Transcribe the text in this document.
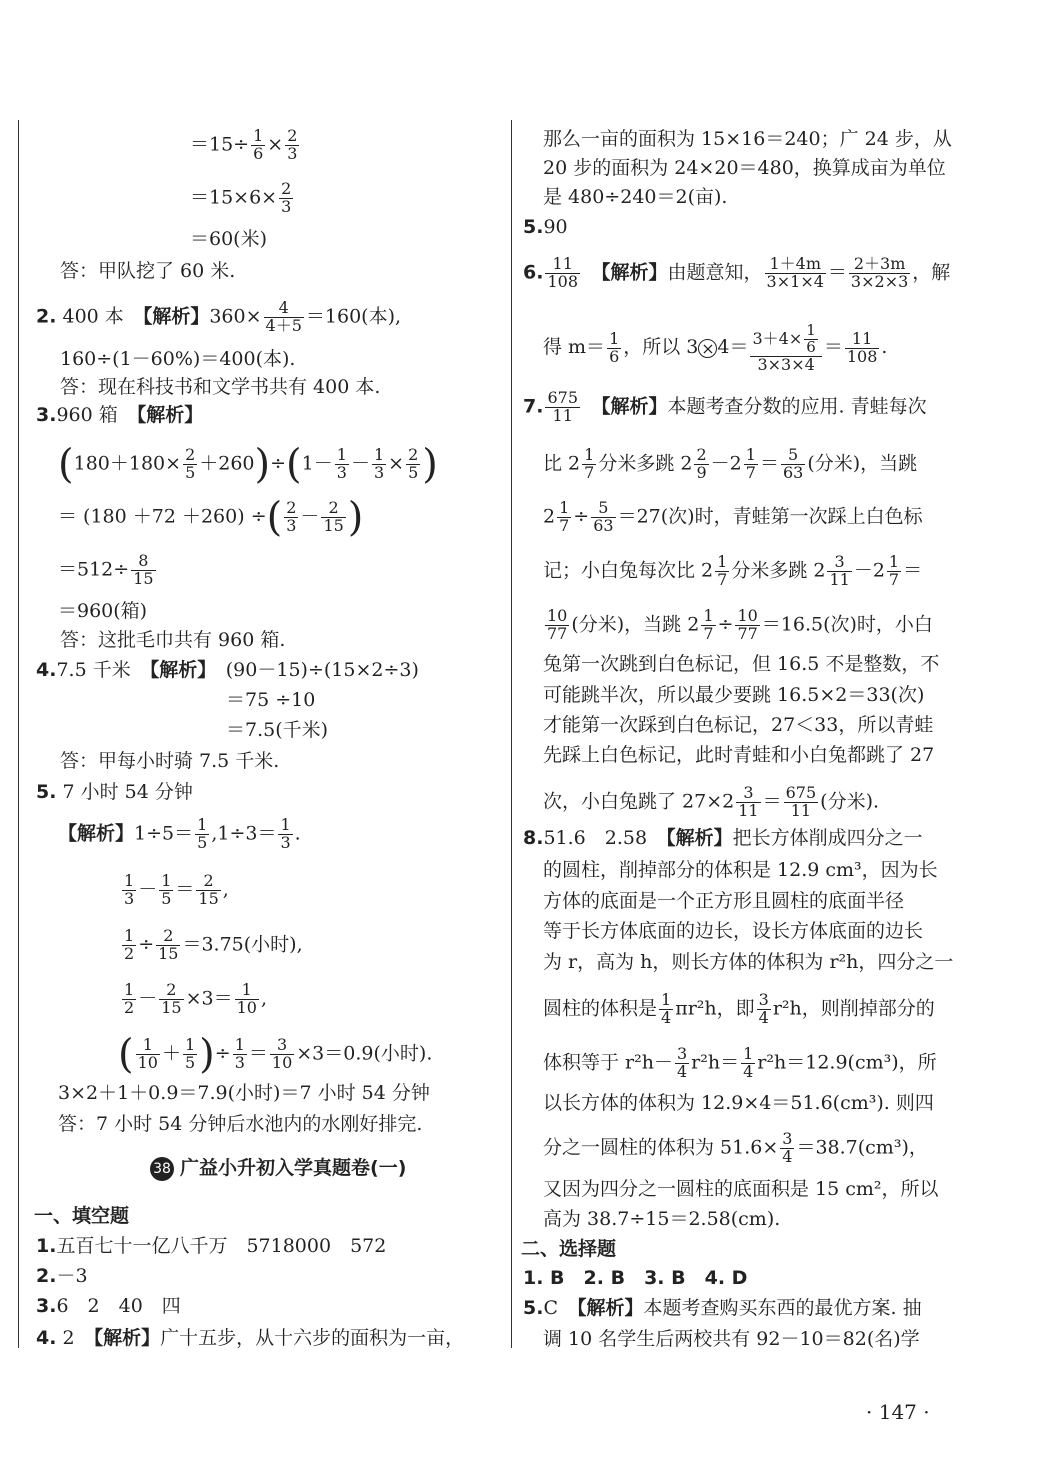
$=15\div \frac{1}{6} \times \frac{2}{3}$
$=15\times 6\times \frac{2}{3}$
＝60(米)
答：甲队挖了 60 米.
2. 400 本　 【解析】$360\times \frac{4}{4+5} =160$(本),
160÷(1－60%)＝400(本).
答：现在科技书和文学书共有 400 本.
3.960 箱　 【解析】
$(180+180\times \frac{2}{5} +260)\div(1- \frac{1}{3} - \frac{1}{3} \times \frac{2}{5}$ )
＝ (180 ＋72 ＋260) ÷( $\frac{2}{3} - \frac{2}{15}$ )
$=512\div \frac{8}{15}$
＝960(箱)
答：这批毛巾共有 960 箱.
4.7.5 千米　 【解析】　 (90－15)÷(15×2÷3)
＝75 ÷10
＝7.5(千米)
答：甲每小时骑 7.5 千米.
5. 7 小时 54 分钟
【解析】$1\div 5= \frac{1}{5} ,1\div 3= \frac{1}{3}$ .
$\frac{1}{3} - \frac{1}{5} = \frac{2}{15}$ ,
$\frac{1}{2} \div \frac{2}{15} =3.75$(小时),
$\frac{1}{2} - \frac{2}{15} \times 3= \frac{1}{10}$ ,
( $\frac{1}{10} + \frac{1}{5}$ )÷ $\frac{1}{3} = \frac{3}{10} \times 3=0.9$(小时).
3×2＋1＋0.9＝7.9(小时)＝7 小时 54 分钟
答：7 小时 54 分钟后水池内的水刚好排完.
38 广益小升初入学真题卷(一)
一、填空题
1.五百七十一亿八千万　5718000　572
2.－3
3.6　2　40　四
4. 2　 【解析】广十五步，从十六步的面积为一亩，
那么一亩的面积为 15×16＝240；广 24 步，从
20 步的面积为 24×20＝480，换算成亩为单位
是 480÷240＝2(亩).
5.90
6. $\frac{11}{108}$
　 【解析】由题意知， $\frac{1+4m}{3\times 1\times 4} = \frac{2+3m}{3\times 2\times 3}$ ，解
得 $m= \frac{1}{6}$ ，所以 $3 \times 4= \frac{3+4\times \frac{1}{6}}{3\times 3\times 4} = \frac{11}{108}$ .
7. $\frac{675}{11}$
　 【解析】本题考查分数的应用. 青蛙每次
比 $2 \frac{1}{7}$ 分米多跳 $2 \frac{2}{9} -2 \frac{1}{7} = \frac{5}{63}$ (分米)，当跳
$2 \frac{1}{7} \div \frac{5}{63} =27$(次)时，青蛙第一次踩上白色标
记；小白兔每次比 $2 \frac{1}{7}$ 分米多跳 $2 \frac{3}{11} -2 \frac{1}{7}$ ＝
$\frac{10}{77}$ (分米)，当跳 $2 \frac{1}{7} \div \frac{10}{77} =16.5$(次)时，小白
兔第一次跳到白色标记，但 16.5 不是整数，不
可能跳半次，所以最少要跳 16.5×2＝33(次)
才能第一次踩到白色标记，27＜33，所以青蛙
先踩上白色标记，此时青蛙和小白兔都跳了 27
次，小白兔跳了 $27\times 2 \frac{3}{11} = \frac{675}{11}$ (分米).
8.51.6　2.58　 【解析】把长方体削成四分之一
的圆柱，削掉部分的体积是 12.9 cm³，因为长
方体的底面是一个正方形且圆柱的底面半径
等于长方体底面的边长，设长方体底面的边长
为 r，高为 h，则长方体的体积为 r²h，四分之一
圆柱的体积是 $\frac{1}{4} \pi r^2h$，即 $\frac{3}{4} r^2h$，则削掉部分的
体积等于 $r^2h- \frac{3}{4} r^2h= \frac{1}{4} r^2h=12.9(cm^3)$，所
以长方体的体积为 12.9×4＝51.6(cm³). 则四
分之一圆柱的体积为 $51.6\times \frac{3}{4} =38.7(cm^3)$，
又因为四分之一圆柱的底面积是 15 cm²，所以
高为 38.7÷15＝2.58(cm).
二、选择题
1. B　2. B　3. B　4. D
5.C　 【解析】本题考查购买东西的最优方案. 抽
调 10 名学生后两校共有 92－10＝82(名)学
· 147 ·
